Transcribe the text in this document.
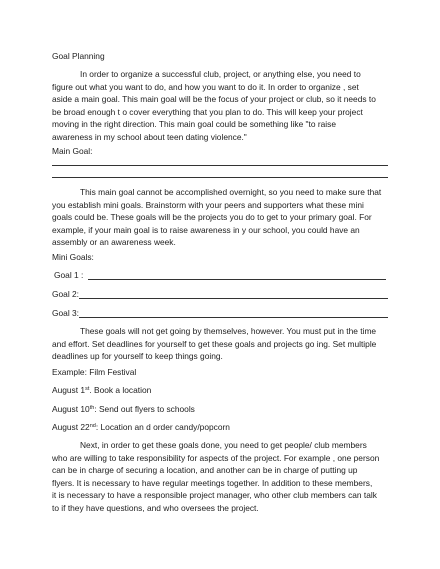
Goal Planning
In order to organize a successful club, project, or anything else, you need to
figure out what you want to do, and how you want to do it. In order to organize , set
aside a main goal. This main goal will be the focus of your project or club, so it needs to
be broad enough t o cover everything that you plan to do. This will keep your project
moving in the right direction. This main goal could be something like "to raise
awareness in my school about teen dating violence."
Main Goal:
This main goal cannot be accomplished overnight, so you need to make sure that
you establish mini goals. Brainstorm with your peers and supporters what these mini
goals could be. These goals will be the projects you do to get to your primary goal. For
example, if your main goal is to raise awareness in y our school, you could have an
assembly or an awareness week.
Mini Goals:
Goal 1 :
Goal 2:
Goal 3:
These goals will not get going by themselves, however. You must put in the time
and effort. Set deadlines for yourself to get these goals and projects go ing. Set multiple
deadlines up for yourself to keep things going.
Example: Film Festival
August 1st. Book a location
August 10th: Send out flyers to schools
August 22nd: Location an d order candy/popcorn
Next, in order to get these goals done, you need to get people/ club members
who are willing to take responsibility for aspects of the project. For example , one person
can be in charge of securing a location, and another can be in charge of putting up
flyers. It is necessary to have regular meetings together. In addition to these members,
it is necessary to have a responsible project manager, who other club members can talk
to if they have questions, and who oversees the project.
